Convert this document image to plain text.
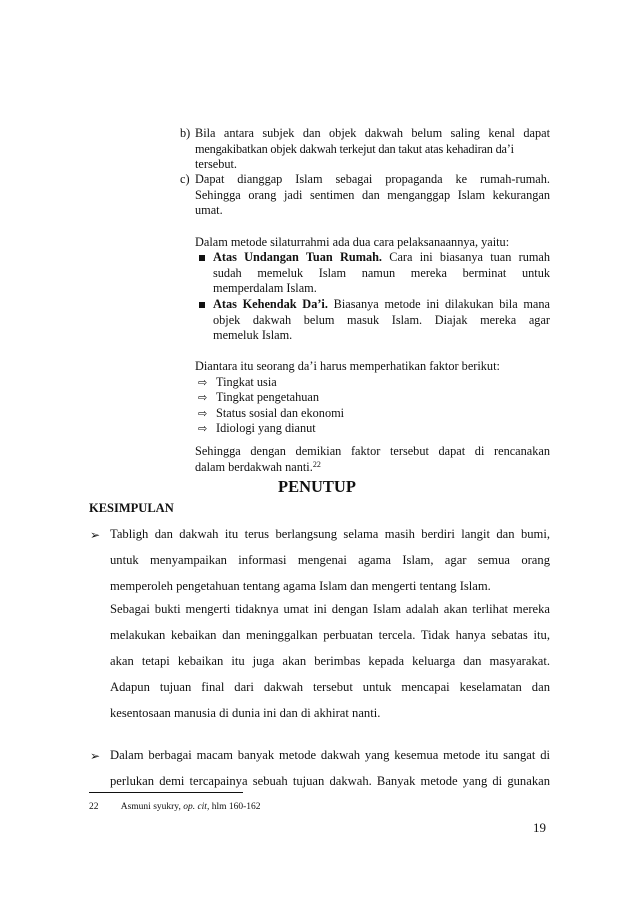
b) Bila antara subjek dan objek dakwah belum saling kenal dapat
mengakibatkan objek dakwah terkejut dan takut atas kehadiran da’i
tersebut.
c) Dapat dianggap Islam sebagai propaganda ke rumah-rumah.
Sehingga orang jadi sentimen dan menganggap Islam kekurangan
umat.
Dalam metode silaturrahmi ada dua cara pelaksanaannya, yaitu:
Atas Undangan Tuan Rumah. Cara ini biasanya tuan rumah
sudah memeluk Islam namun mereka berminat untuk
memperdalam Islam.
Atas Kehendak Da’i. Biasanya metode ini dilakukan bila mana
objek dakwah belum masuk Islam. Diajak mereka agar
memeluk Islam.
Diantara itu seorang da’i harus memperhatikan faktor berikut:
⇨ Tingkat usia
⇨ Tingkat pengetahuan
⇨ Status sosial dan ekonomi
⇨ Idiologi yang dianut
Sehingga dengan demikian faktor tersebut dapat di rencanakan
dalam berdakwah nanti.$^{22}$
PENUTUP
KESIMPULAN
➢ Tabligh dan dakwah itu terus berlangsung selama masih berdiri langit dan bumi,
untuk menyampaikan informasi mengenai agama Islam, agar semua orang
memperoleh pengetahuan tentang agama Islam dan mengerti tentang Islam.
Sebagai bukti mengerti tidaknya umat ini dengan Islam adalah akan terlihat mereka
melakukan kebaikan dan meninggalkan perbuatan tercela. Tidak hanya sebatas itu,
akan tetapi kebaikan itu juga akan berimbas kepada keluarga dan masyarakat.
Adapun tujuan final dari dakwah tersebut untuk mencapai keselamatan dan
kesentosaan manusia di dunia ini dan di akhirat nanti.
➢ Dalam berbagai macam banyak metode dakwah yang kesemua metode itu sangat di
perlukan demi tercapainya sebuah tujuan dakwah. Banyak metode yang di gunakan
22 Asmuni syukry, op. cit, hlm 160-162
19
